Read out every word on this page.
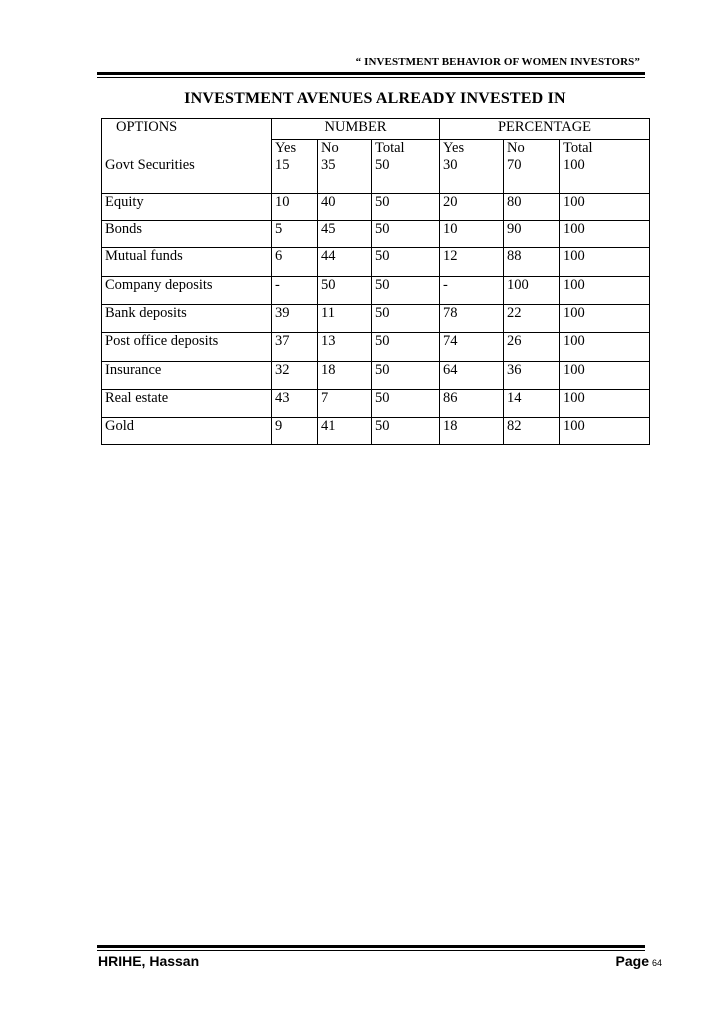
“ INVESTMENT BEHAVIOR OF WOMEN INVESTORS”
INVESTMENT AVENUES ALREADY INVESTED IN
OPTIONS	NUMBER			PERCENTAGE		
	Yes	No	Total	Yes	No	Total
Govt Securities	15	35	50	30	70	100
Equity	10	40	50	20	80	100
Bonds	5	45	50	10	90	100
Mutual funds	6	44	50	12	88	100
Company deposits	-	50	50	-	100	100
Bank deposits	39	11	50	78	22	100
Post office deposits	37	13	50	74	26	100
Insurance	32	18	50	64	36	100
Real estate	43	7	50	86	14	100
Gold	9	41	50	18	82	100
HRIHE, Hassan	Page 64
